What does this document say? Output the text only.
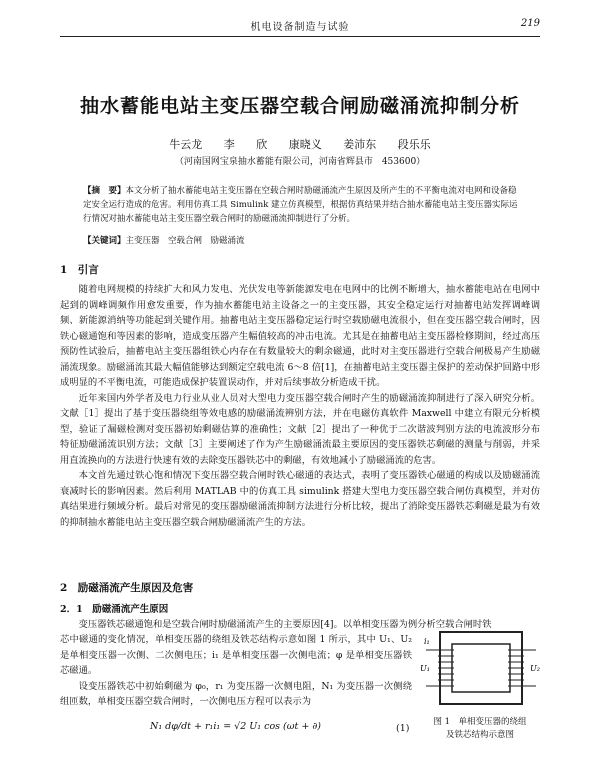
机电设备制造与试验	219
抽水蓄能电站主变压器空载合闸励磁涌流抑制分析
牛云龙 李 欣 康晓义 姜沛东 段乐乐
（河南国网宝泉抽水蓄能有限公司，河南省辉县市　453600）
【摘　要】本文分析了抽水蓄能电站主变压器在空载合闸时励磁涌流产生原因及所产生的不平衡电流对电网和设备稳定安全运行造成的危害。利用仿真工具 Simulink 建立仿真模型，根据仿真结果并结合抽水蓄能电站主变压器实际运行情况对抽水蓄能电站主变压器空载合闸时的励磁涌流抑制进行了分析。
【关键词】主变压器　空载合闸　励磁涌流
1　引言

随着电网规模的持续扩大和风力发电、光伏发电等新能源发电在电网中的比例不断增大，抽水蓄能电站在电网中起到的调峰调频作用愈发重要，作为抽水蓄能电站主设备之一的主变压器，其安全稳定运行对抽蓄电站发挥调峰调频、新能源消纳等功能起到关键作用。抽蓄电站主变压器稳定运行时空载励磁电流很小，但在变压器空载合闸时，因铁心磁通饱和等因素的影响，造成变压器产生幅值较高的冲击电流。尤其是在抽蓄电站主变压器检修期间，经过高压预防性试验后，抽蓄电站主变压器组铁心内存在有数量较大的剩余磁通，此时对主变压器进行空载合闸极易产生励磁涌流现象。励磁涌流其最大幅值能够达到额定空载电流 6～8 倍[1]，在抽蓄电站主变压器主保护的差动保护回路中形成明显的不平衡电流，可能造成保护装置误动作，并对后续事故分析造成干扰。

近年来国内外学者及电力行业从业人员对大型电力变压器空载合闸时产生的励磁涌流抑制进行了深入研究分析。文献［1］提出了基于变压器绕组等效电感的励磁涌流辨别方法，并在电磁仿真软件 Maxwell 中建立有限元分析模型，验证了漏磁检测对变压器初始剩磁估算的准确性；文献［2］提出了一种优于二次谐波判别方法的电流波形分布特征励磁涌流识别方法；文献［3］主要阐述了作为产生励磁涌流最主要原因的变压器铁芯剩磁的测量与削弱，并采用直流换向的方法进行快速有效的去除变压器铁芯中的剩磁，有效地减小了励磁涌流的危害。

本文首先通过铁心饱和情况下变压器空载合闸时铁心磁通的表达式，表明了变压器铁心磁通的构成以及励磁涌流衰减时长的影响因素。然后利用 MATLAB 中的仿真工具 simulink 搭建大型电力变压器空载合闸仿真模型，并对仿真结果进行频域分析。最后对常见的变压器励磁涌流抑制方法进行分析比较，提出了消除变压器铁芯剩磁是最为有效的抑制抽水蓄能电站主变压器空载合闸励磁涌流产生的方法。

2　励磁涌流产生原因及危害
2．1　励磁涌流产生原因

变压器铁芯磁通饱和是空载合闸时励磁涌流产生的主要原因[4]。以单相变压器为例分析空载合闸时铁

芯中磁通的变化情况，单相变压器的绕组及铁芯结构示意如图 1 所示，其中 U₁、U₂ 是单相变压器一次侧、二次侧电压；i₁ 是单相变压器一次侧电流；φ 是单相变压器铁芯磁通。

设变压器铁芯中初始剩磁为 φ₀，r₁ 为变压器一次侧电阻，N₁ 为变压器一次侧绕组匝数，单相变压器空载合闸时，一次侧电压方程可以表示为

N₁ dφ/dt + r₁i₁ = √2 U₁ cos (ωt + ∂)	(1)
i₁
U₁	U₂
图 1　单相变压器的绕组
及铁芯结构示意图
